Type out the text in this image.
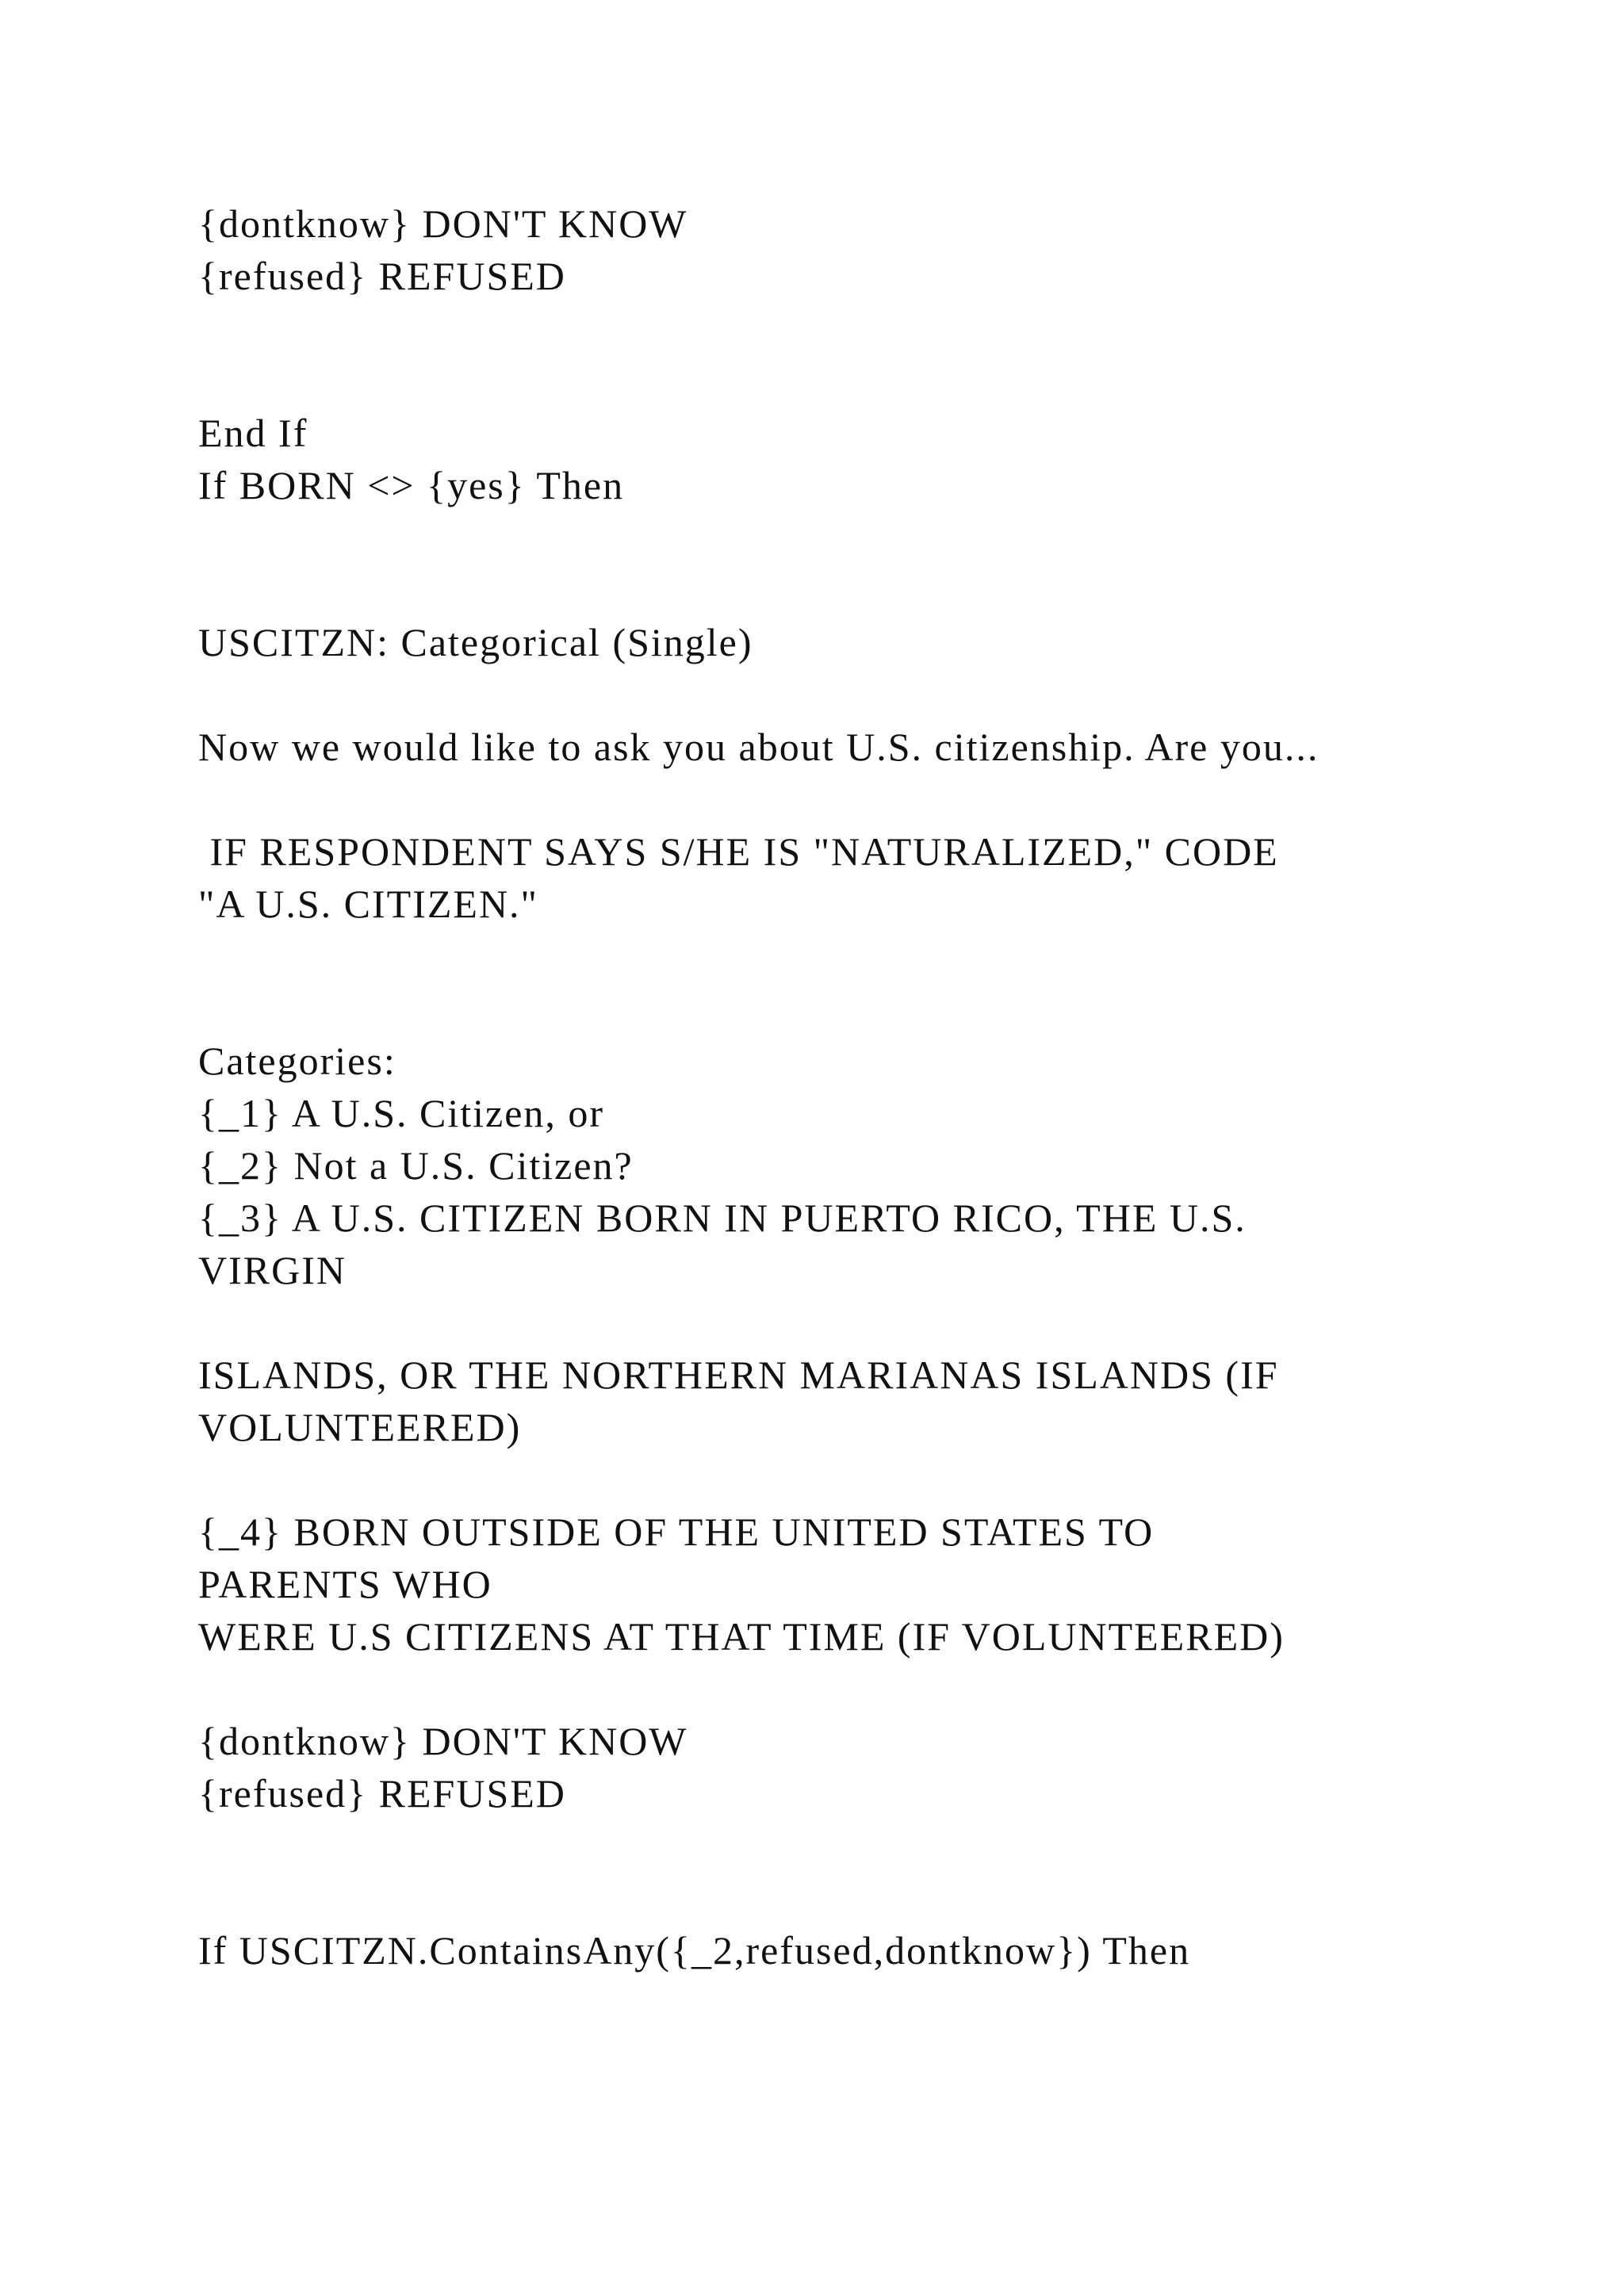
{dontknow} DON'T KNOW
{refused} REFUSED
End If
If BORN <> {yes} Then
USCITZN: Categorical (Single)
Now we would like to ask you about U.S. citizenship. Are you...
IF RESPONDENT SAYS S/HE IS "NATURALIZED," CODE
"A U.S. CITIZEN."
Categories:
{_1} A U.S. Citizen, or
{_2} Not a U.S. Citizen?
{_3} A U.S. CITIZEN BORN IN PUERTO RICO, THE U.S.
VIRGIN
ISLANDS, OR THE NORTHERN MARIANAS ISLANDS (IF
VOLUNTEERED)
{_4} BORN OUTSIDE OF THE UNITED STATES TO
PARENTS WHO
WERE U.S CITIZENS AT THAT TIME (IF VOLUNTEERED)
{dontknow} DON'T KNOW
{refused} REFUSED
If USCITZN.ContainsAny({_2,refused,dontknow}) Then
